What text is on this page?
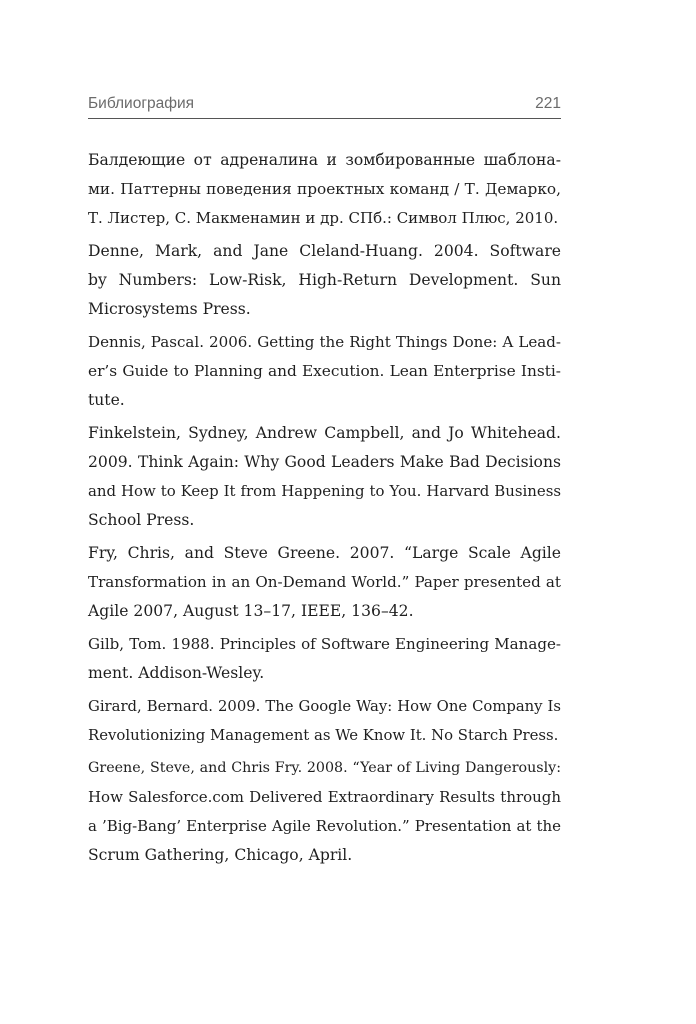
Библиография	221
Балдеющие от адреналина и зомбированные шаблона-
ми. Паттерны поведения проектных команд / Т. Демарко,
Т. Листер, С. Макменамин и др. СПб.: Символ Плюс, 2010.
Denne, Mark, and Jane Cleland-Huang. 2004. Software
by Numbers: Low-Risk, High-Return Development. Sun
Microsystems Press.
Dennis, Pascal. 2006. Getting the Right Things Done: A Lead-
er’s Guide to Planning and Execution. Lean Enterprise Insti-
tute.
Finkelstein, Sydney, Andrew Campbell, and Jo Whitehead.
2009. Think Again: Why Good Leaders Make Bad Decisions
and How to Keep It from Happening to You. Harvard Business
School Press.
Fry, Chris, and Steve Greene. 2007. “Large Scale Agile
Transformation in an On-Demand World.” Paper presented at
Agile 2007, August 13–17, IEEE, 136–42.
Gilb, Tom. 1988. Principles of Software Engineering Manage-
ment. Addison-Wesley.
Girard, Bernard. 2009. The Google Way: How One Company Is
Revolutionizing Management as We Know It. No Starch Press.
Greene, Steve, and Chris Fry. 2008. “Year of Living Dangerously:
How Salesforce.com Delivered Extraordinary Results through
a ’Big-Bang’ Enterprise Agile Revolution.” Presentation at the
Scrum Gathering, Chicago, April.
